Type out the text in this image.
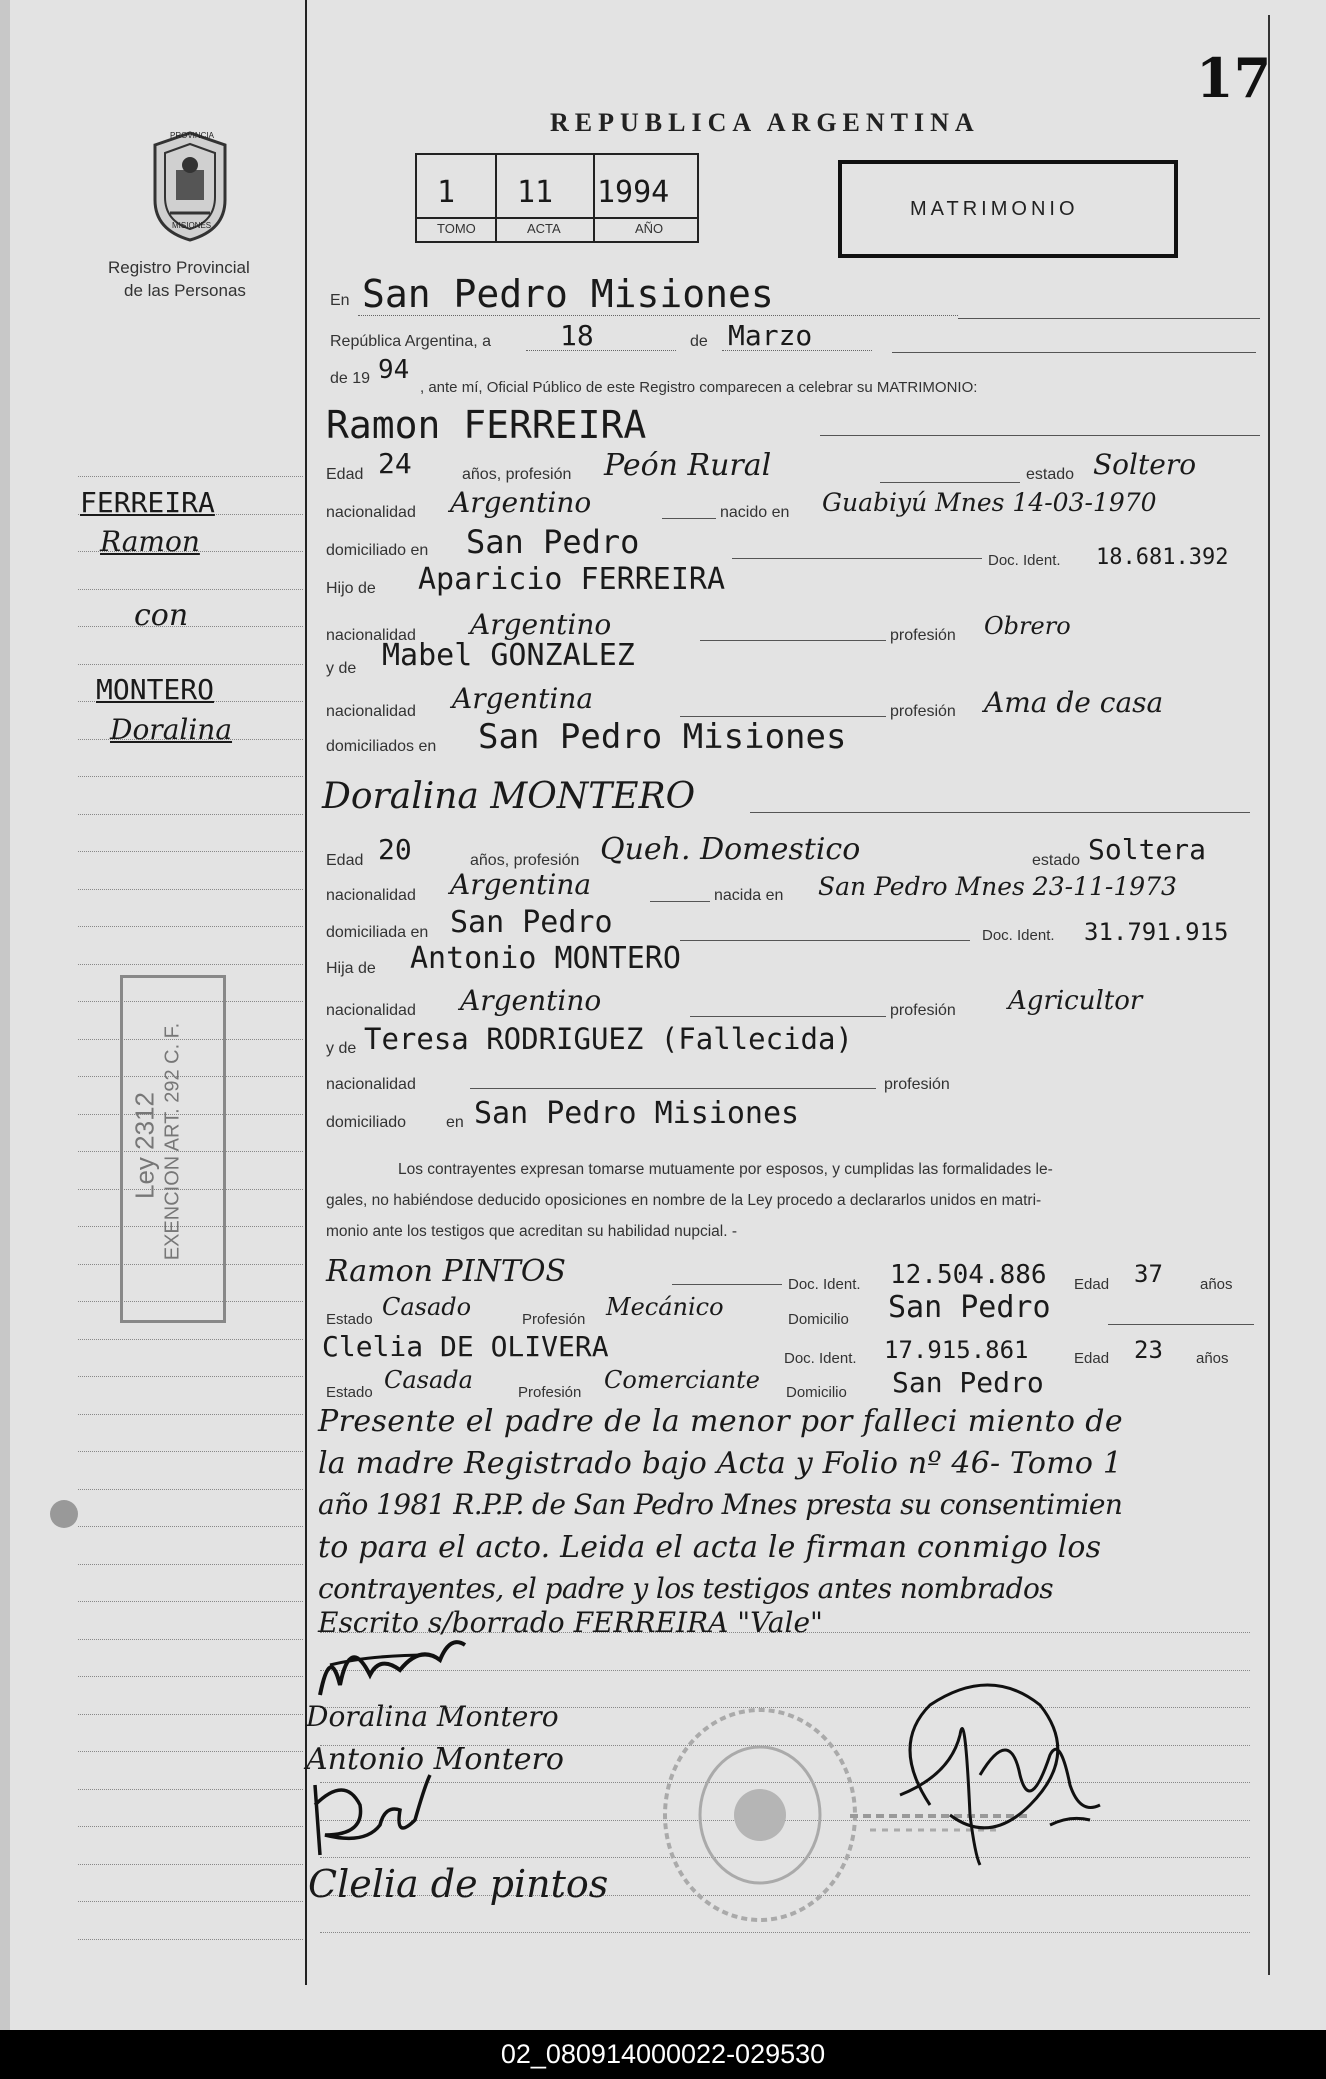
17
REPUBLICA ARGENTINA
PROVINCIA
MISIONES
Registro Provincial
de las Personas
1 11 1994
TOMO	ACTA	AÑO
MATRIMONIO
FERREIRA
Ramon
con
MONTERO
Doralina
Ley 2312 EXENCION ART. 292 C. F.
En San Pedro Misiones
República Argentina, a 18	de Marzo
de 19 94
, ante mí, Oficial Público de este Registro comparecen a celebrar su MATRIMONIO:
Ramon FERREIRA
Edad 24	años, profesión Peón Rural	estado Soltero
nacionalidad Argentino	nacido en Guabiyú Mnes 14-03-1970
domiciliado en San Pedro	Doc. Ident. 18.681.392
Hijo de Aparicio FERREIRA
nacionalidad Argentino	profesión Obrero
y de Mabel GONZALEZ
nacionalidad Argentina	profesión Ama de casa
domiciliados en San Pedro Misiones
Doralina MONTERO
Edad 20	años, profesión Queh. Domestico	estado Soltera
nacionalidad Argentina	nacida en San Pedro Mnes 23-11-1973
domiciliada en San Pedro	Doc. Ident. 31.791.915
Hija de Antonio MONTERO
nacionalidad Argentino	profesión Agricultor
y de Teresa RODRIGUEZ (Fallecida)
nacionalidad	profesión
domiciliado en San Pedro Misiones
Los contrayentes expresan tomarse mutuamente por esposos, y cumplidas las formalidades le-
gales, no habiéndose deducido oposiciones en nombre de la Ley procedo a declararlos unidos en matri-
monio ante los testigos que acreditan su habilidad nupcial. -
Ramon PINTOS	Doc. Ident. 12.504.886 Edad 37 años
Estado Casado	Profesión Mecánico	Domicilio San Pedro
Clelia DE OLIVERA	Doc. Ident. 17.915.861	Edad 23 años
Estado Casada	Profesión Comerciante Domicilio San Pedro
Presente el padre de la menor por falleci miento de
la madre Registrado bajo Acta y Folio nº 46- Tomo 1
año 1981 R.P.P. de San Pedro Mnes presta su consentimien
to para el acto. Leida el acta le firman conmigo los
contrayentes, el padre y los testigos antes nombrados
Escrito s/borrado FERREIRA "Vale"
Doralina Montero
Antonio Montero
Clelia de pintos
02_080914000022-029530
